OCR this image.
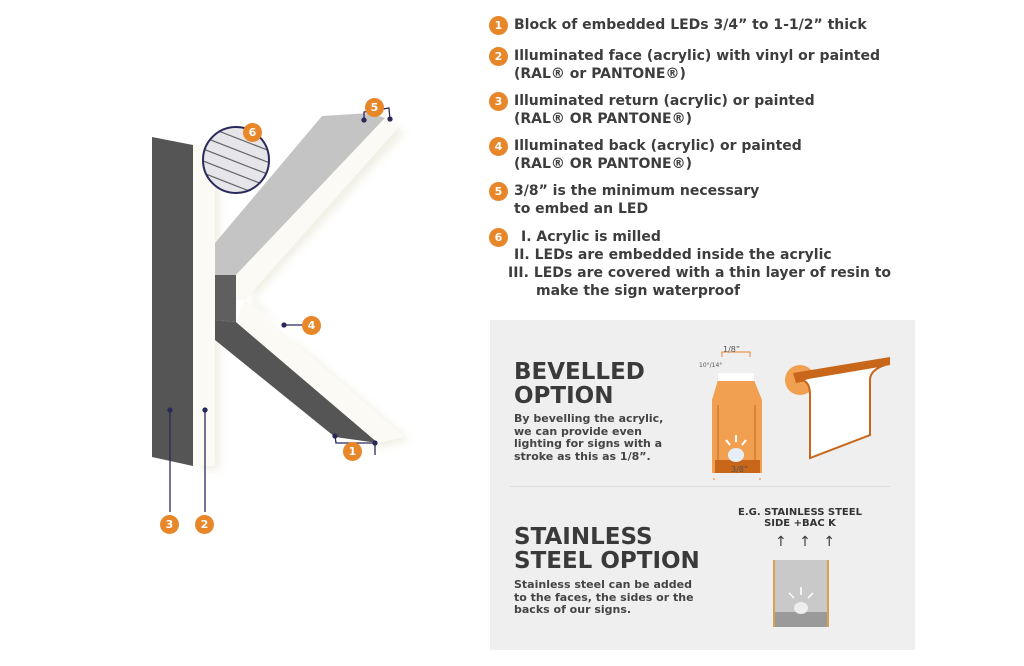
1
2
3
4
5
6
1 Block of embedded LEDs 3/4” to 1-1/2” thick
2 Illuminated face (acrylic) with vinyl or painted
(RAL® or PANTONE®)
3 Illuminated return (acrylic) or painted
(RAL® OR PANTONE®)
4 Illuminated back (acrylic) or painted
(RAL® OR PANTONE®)
5 3/8” is the minimum necessary
to embed an LED
6	I. Acrylic is milled
II. LEDs are embedded inside the acrylic
III. LEDs are covered with a thin layer of resin to
make the sign waterproof
BEVELLED
OPTION
By bevelling the acrylic,
we can provide even
lighting for signs with a
stroke as this as 1/8”.
1/8”
10°/14°
3/8”
STAINLESS
STEEL OPTION
Stainless steel can be added
to the faces, the sides or the
backs of our signs.
E.G. STAINLESS STEEL
SIDE +BAC K
↑ ↑ ↑
